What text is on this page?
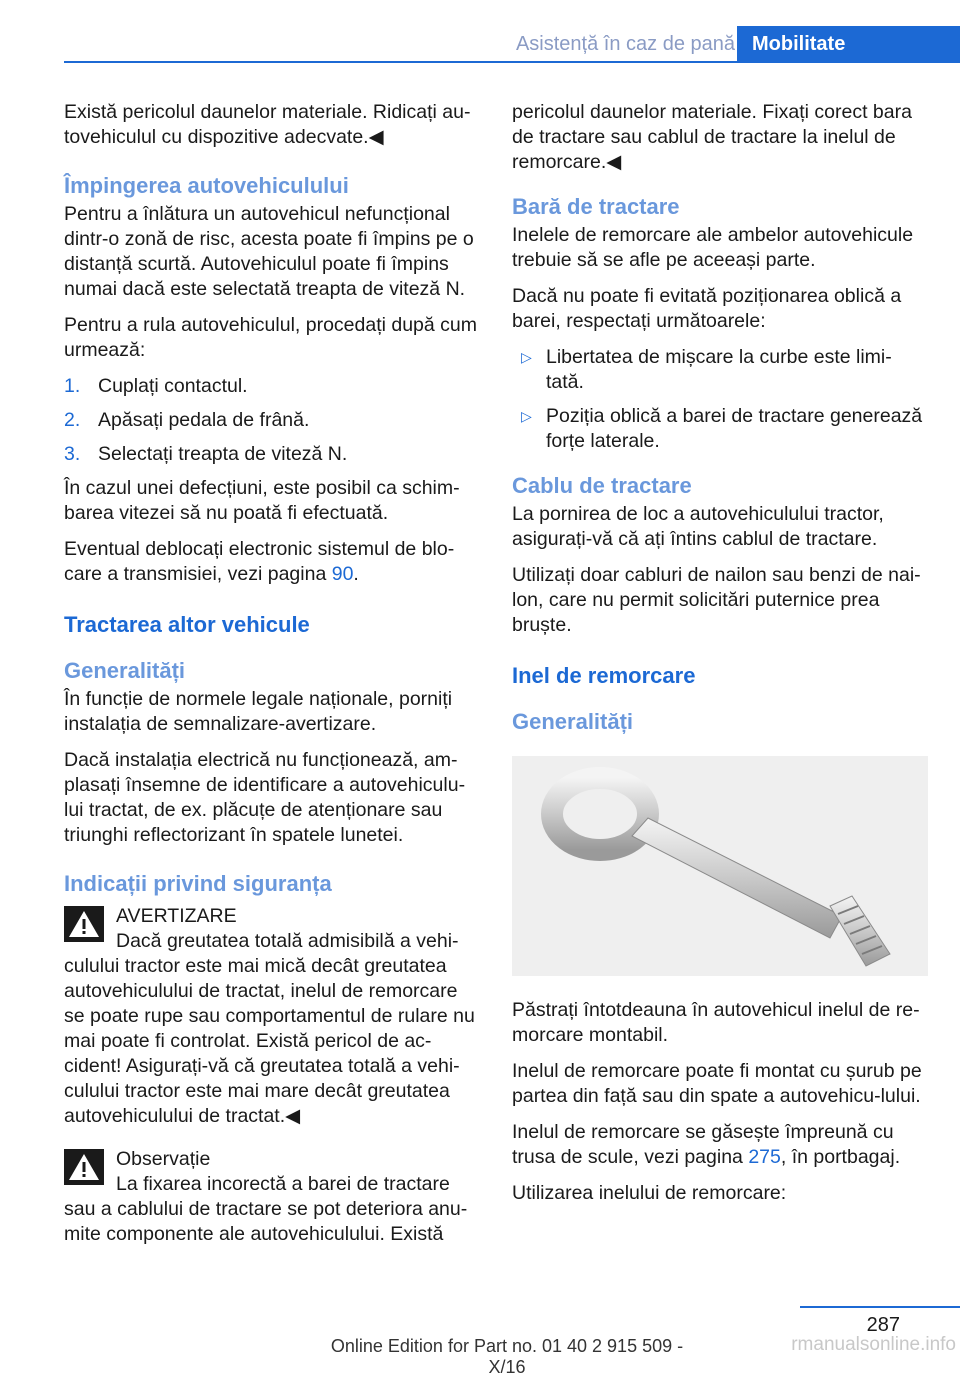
Asistență în caz de pană Mobilitate

Există pericolul daunelor materiale. Ridicați au-tovehiculul cu dispozitive adecvate.◀

Împingerea autovehiculului

Pentru a înlătura un autovehicul nefuncțional dintr-o zonă de risc, acesta poate fi împins pe o distanță scurtă. Autovehiculul poate fi împins numai dacă este selectată treapta de viteză N.

Pentru a rula autovehiculul, procedați după cum urmează:

1. Cuplați contactul.
2. Apăsați pedala de frână.
3. Selectați treapta de viteză N.

În cazul unei defecțiuni, este posibil ca schim-barea vitezei să nu poată fi efectuată.

Eventual deblocați electronic sistemul de blo-care a transmisiei, vezi pagina 90.

Tractarea altor vehicule
Generalități

În funcție de normele legale naționale, porniți instalația de semnalizare-avertizare.

Dacă instalația electrică nu funcționează, am-plasați însemne de identificare a autovehiculu-lui tractat, de ex. plăcuțe de atenționare sau triunghi reflectorizant în spatele lunetei.

Indicații privind siguranța
AVERTIZARE
Dacă greutatea totală admisibilă a vehi-
culului tractor este mai mică decât greutatea autovehiculului de tractat, inelul de remorcare se poate rupe sau comportamentul de rulare nu mai poate fi controlat. Există pericol de ac-cident! Asigurați-vă că greutatea totală a vehi-culului tractor este mai mare decât greutatea autovehiculului de tractat.◀
Observație
La fixarea incorectă a barei de tractare
sau a cablului de tractare se pot deteriora anu-mite componente ale autovehiculului. Există

pericolul daunelor materiale. Fixați corect bara de tractare sau cablul de tractare la inelul de remorcare.◀

Bară de tractare

Inelele de remorcare ale ambelor autovehicule trebuie să se afle pe aceeași parte.

Dacă nu poate fi evitată poziționarea oblică a barei, respectați următoarele:

▷ Libertatea de mișcare la curbe este limi-tată.
▷ Poziția oblică a barei de tractare generează forțe laterale.
Cablu de tractare

La pornirea de loc a autovehiculului tractor, asigurați-vă că ați întins cablul de tractare.

Utilizați doar cabluri de nailon sau benzi de nai-lon, care nu permit solicitări puternice prea bruște.

Inel de remorcare
Generalități

Păstrați întotdeauna în autovehicul inelul de re-morcare montabil.

Inelul de remorcare poate fi montat cu șurub pe partea din față sau din spate a autovehicu-lului.

Inelul de remorcare se găsește împreună cu trusa de scule, vezi pagina 275, în portbagaj.

Utilizarea inelului de remorcare:

287
Online Edition for Part no. 01 40 2 915 509 - X/16
rmanualsonline.info
